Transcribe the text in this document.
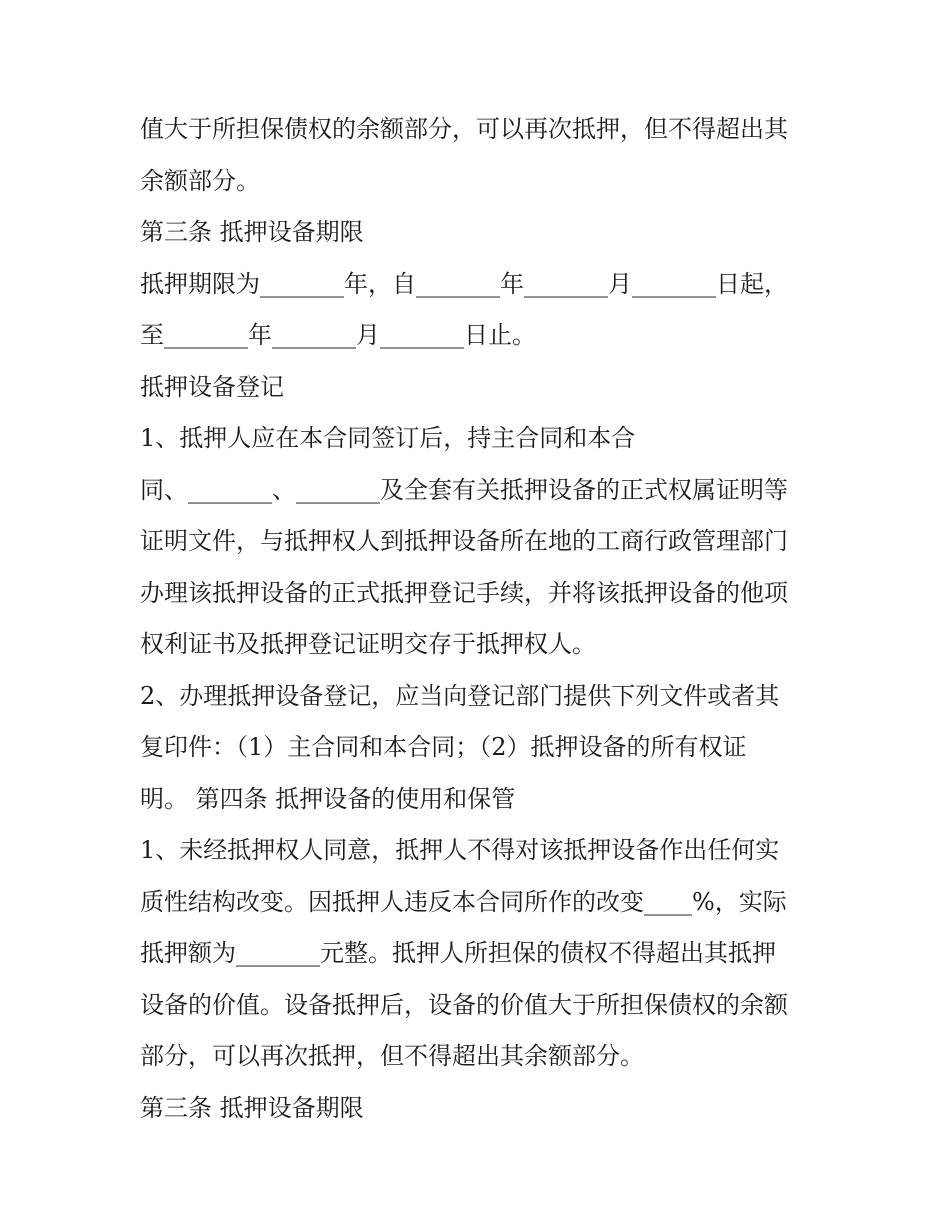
值大于所担保债权的余额部分，可以再次抵押，但不得超出其
余额部分。
第三条 抵押设备期限
抵押期限为_______年，自_______年_______月_______日起，
至_______年_______月_______日止。
抵押设备登记
1、抵押人应在本合同签订后，持主合同和本合
同、_______、_______及全套有关抵押设备的正式权属证明等
证明文件，与抵押权人到抵押设备所在地的工商行政管理部门
办理该抵押设备的正式抵押登记手续，并将该抵押设备的他项
权利证书及抵押登记证明交存于抵押权人。
2、办理抵押设备登记，应当向登记部门提供下列文件或者其
复印件：（1）主合同和本合同；（2）抵押设备的所有权证
明。 第四条 抵押设备的使用和保管
1、未经抵押权人同意，抵押人不得对该抵押设备作出任何实
质性结构改变。因抵押人违反本合同所作的改变____%，实际
抵押额为_______元整。抵押人所担保的债权不得超出其抵押
设备的价值。设备抵押后，设备的价值大于所担保债权的余额
部分，可以再次抵押，但不得超出其余额部分。
第三条 抵押设备期限
